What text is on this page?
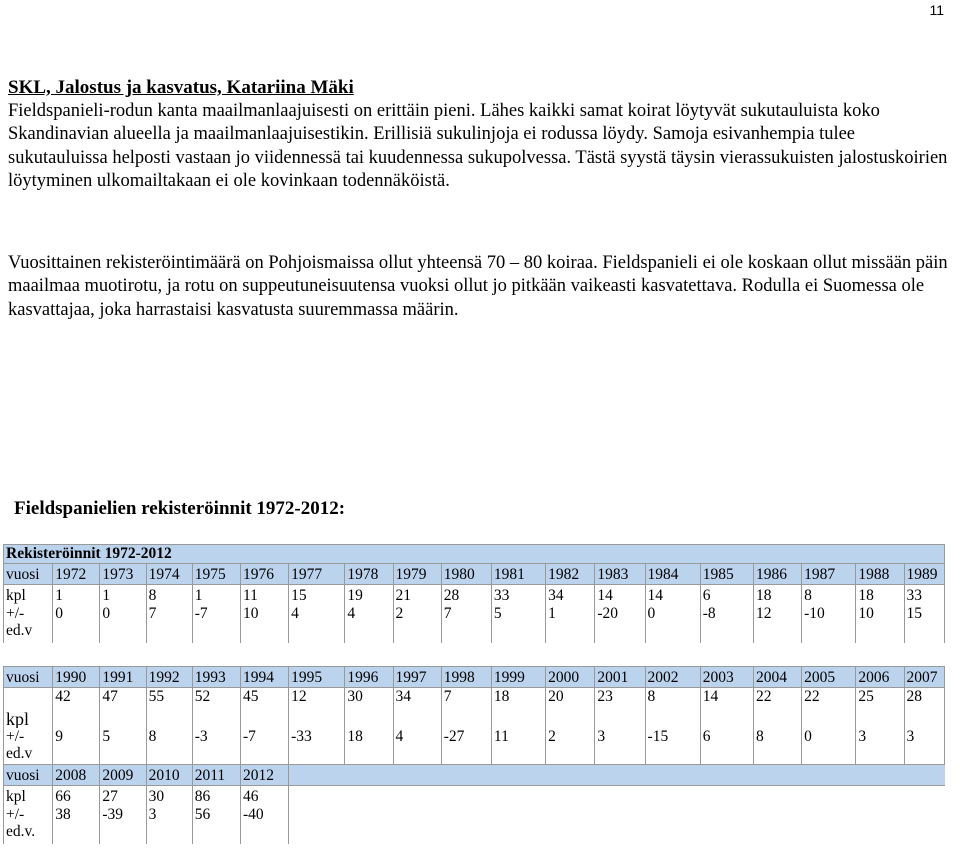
11
SKL, Jalostus ja kasvatus, Katariina Mäki

Fieldspanieli-rodun kanta maailmanlaajuisesti on erittäin pieni. Lähes kaikki samat koirat löytyvät sukutauluista koko Skandinavian alueella ja maailmanlaajuisestikin. Erillisiä sukulinjoja ei rodussa löydy. Samoja esivanhempia tulee sukutauluissa helposti vastaan jo viidennessä tai kuudennessa sukupolvessa. Tästä syystä täysin vierassukuisten jalostuskoirien löytyminen ulkomailtakaan ei ole kovinkaan todennäköistä.

Vuosittainen rekisteröintimäärä on Pohjoismaissa ollut yhteensä 70 – 80 koiraa. Fieldspanieli ei ole koskaan ollut missään päin maailmaa muotirotu, ja rotu on suppeutuneisuutensa vuoksi ollut jo pitkään vaikeasti kasvatettava. Rodulla ei Suomessa ole kasvattajaa, joka harrastaisi kasvatusta suuremmassa määrin.

Fieldspanielien rekisteröinnit 1972-2012:
Rekisteröinnit 1972-2012																		
vuosi	1972	1973	1974	1975	1976	1977	1978	1979	1980	1981	1982	1983	1984	1985	1986	1987	1988	1989
kpl	1	1	8	1	11	15	19	21	28	33	34	14	14	6	18	8	18	33
+/-
ed.v	0	0	7	-7	10	4	4	2	7	5	1	-20	0	-8	12	-10	10	15

vuosi	1990	1991	1992	1993	1994	1995	1996	1997	1998	1999	2000	2001	2002	2003	2004	2005	2006	2007
kpl	42	47	55	52	45	12	30	34	7	18	20	23	8	14	22	22	25	28
+/-
ed.v	9	5	8	-3	-7	-33	18	4	-27	11	2	3	-15	6	8	0	3	3
vuosi	2008	2009	2010	2011	2012													
kpl	66	27	30	86	46													
+/-
ed.v.	38	-39	3	56	-40													
